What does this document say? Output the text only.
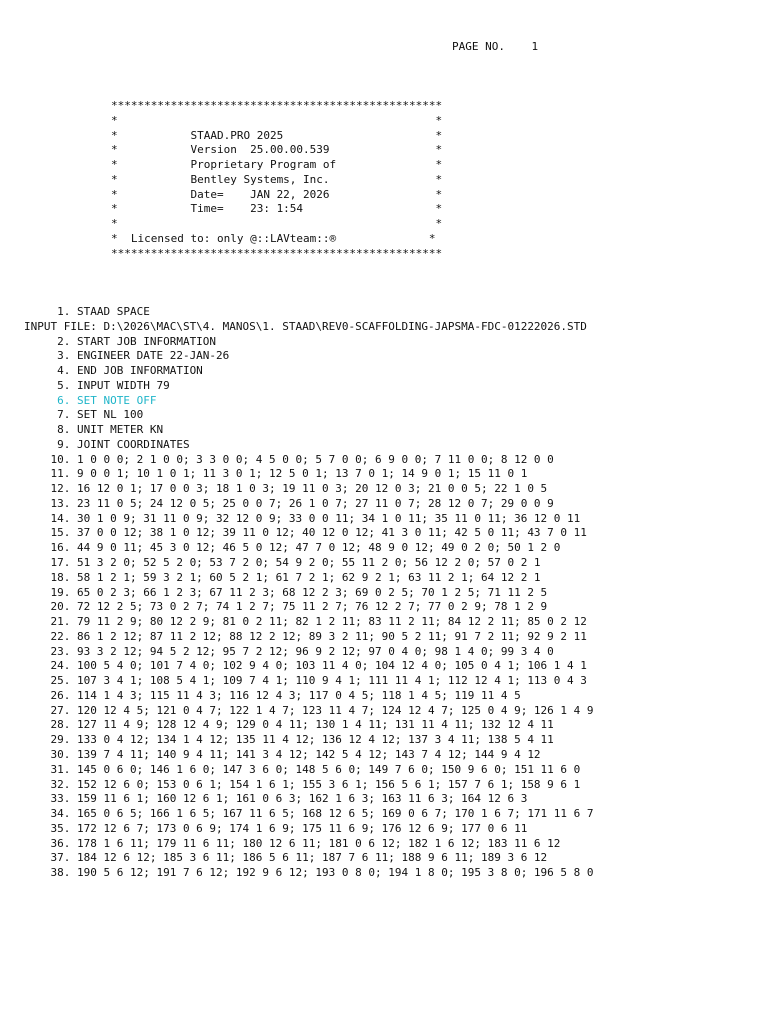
PAGE NO. 1
**************************************************
*                                                *
*           STAAD.PRO 2025                       *
*           Version  25.00.00.539                *
*           Proprietary Program of               *
*           Bentley Systems, Inc.                *
*           Date=    JAN 22, 2026                *
*           Time=    23: 1:54                    *
*                                                *
*  Licensed to: only @::LAVteam::®              *
**************************************************
1. STAAD SPACE
INPUT FILE: D:\2026\MAC\ST\4. MANOS\1. STAAD\REV0-SCAFFOLDING-JAPSMA-FDC-01222026.STD
2. START JOB INFORMATION
3. ENGINEER DATE 22-JAN-26
4. END JOB INFORMATION
5. INPUT WIDTH 79
6. SET NOTE OFF
7. SET NL 100
8. UNIT METER KN
9. JOINT COORDINATES
10. 1 0 0 0; 2 1 0 0; 3 3 0 0; 4 5 0 0; 5 7 0 0; 6 9 0 0; 7 11 0 0; 8 12 0 0
11. 9 0 0 1; 10 1 0 1; 11 3 0 1; 12 5 0 1; 13 7 0 1; 14 9 0 1; 15 11 0 1
12. 16 12 0 1; 17 0 0 3; 18 1 0 3; 19 11 0 3; 20 12 0 3; 21 0 0 5; 22 1 0 5
13. 23 11 0 5; 24 12 0 5; 25 0 0 7; 26 1 0 7; 27 11 0 7; 28 12 0 7; 29 0 0 9
14. 30 1 0 9; 31 11 0 9; 32 12 0 9; 33 0 0 11; 34 1 0 11; 35 11 0 11; 36 12 0 11
15. 37 0 0 12; 38 1 0 12; 39 11 0 12; 40 12 0 12; 41 3 0 11; 42 5 0 11; 43 7 0 11
16. 44 9 0 11; 45 3 0 12; 46 5 0 12; 47 7 0 12; 48 9 0 12; 49 0 2 0; 50 1 2 0
17. 51 3 2 0; 52 5 2 0; 53 7 2 0; 54 9 2 0; 55 11 2 0; 56 12 2 0; 57 0 2 1
18. 58 1 2 1; 59 3 2 1; 60 5 2 1; 61 7 2 1; 62 9 2 1; 63 11 2 1; 64 12 2 1
19. 65 0 2 3; 66 1 2 3; 67 11 2 3; 68 12 2 3; 69 0 2 5; 70 1 2 5; 71 11 2 5
20. 72 12 2 5; 73 0 2 7; 74 1 2 7; 75 11 2 7; 76 12 2 7; 77 0 2 9; 78 1 2 9
21. 79 11 2 9; 80 12 2 9; 81 0 2 11; 82 1 2 11; 83 11 2 11; 84 12 2 11; 85 0 2 12
22. 86 1 2 12; 87 11 2 12; 88 12 2 12; 89 3 2 11; 90 5 2 11; 91 7 2 11; 92 9 2 11
23. 93 3 2 12; 94 5 2 12; 95 7 2 12; 96 9 2 12; 97 0 4 0; 98 1 4 0; 99 3 4 0
24. 100 5 4 0; 101 7 4 0; 102 9 4 0; 103 11 4 0; 104 12 4 0; 105 0 4 1; 106 1 4 1
25. 107 3 4 1; 108 5 4 1; 109 7 4 1; 110 9 4 1; 111 11 4 1; 112 12 4 1; 113 0 4 3
26. 114 1 4 3; 115 11 4 3; 116 12 4 3; 117 0 4 5; 118 1 4 5; 119 11 4 5
27. 120 12 4 5; 121 0 4 7; 122 1 4 7; 123 11 4 7; 124 12 4 7; 125 0 4 9; 126 1 4 9
28. 127 11 4 9; 128 12 4 9; 129 0 4 11; 130 1 4 11; 131 11 4 11; 132 12 4 11
29. 133 0 4 12; 134 1 4 12; 135 11 4 12; 136 12 4 12; 137 3 4 11; 138 5 4 11
30. 139 7 4 11; 140 9 4 11; 141 3 4 12; 142 5 4 12; 143 7 4 12; 144 9 4 12
31. 145 0 6 0; 146 1 6 0; 147 3 6 0; 148 5 6 0; 149 7 6 0; 150 9 6 0; 151 11 6 0
32. 152 12 6 0; 153 0 6 1; 154 1 6 1; 155 3 6 1; 156 5 6 1; 157 7 6 1; 158 9 6 1
33. 159 11 6 1; 160 12 6 1; 161 0 6 3; 162 1 6 3; 163 11 6 3; 164 12 6 3
34. 165 0 6 5; 166 1 6 5; 167 11 6 5; 168 12 6 5; 169 0 6 7; 170 1 6 7; 171 11 6 7
35. 172 12 6 7; 173 0 6 9; 174 1 6 9; 175 11 6 9; 176 12 6 9; 177 0 6 11
36. 178 1 6 11; 179 11 6 11; 180 12 6 11; 181 0 6 12; 182 1 6 12; 183 11 6 12
37. 184 12 6 12; 185 3 6 11; 186 5 6 11; 187 7 6 11; 188 9 6 11; 189 3 6 12
38. 190 5 6 12; 191 7 6 12; 192 9 6 12; 193 0 8 0; 194 1 8 0; 195 3 8 0; 196 5 8 0
